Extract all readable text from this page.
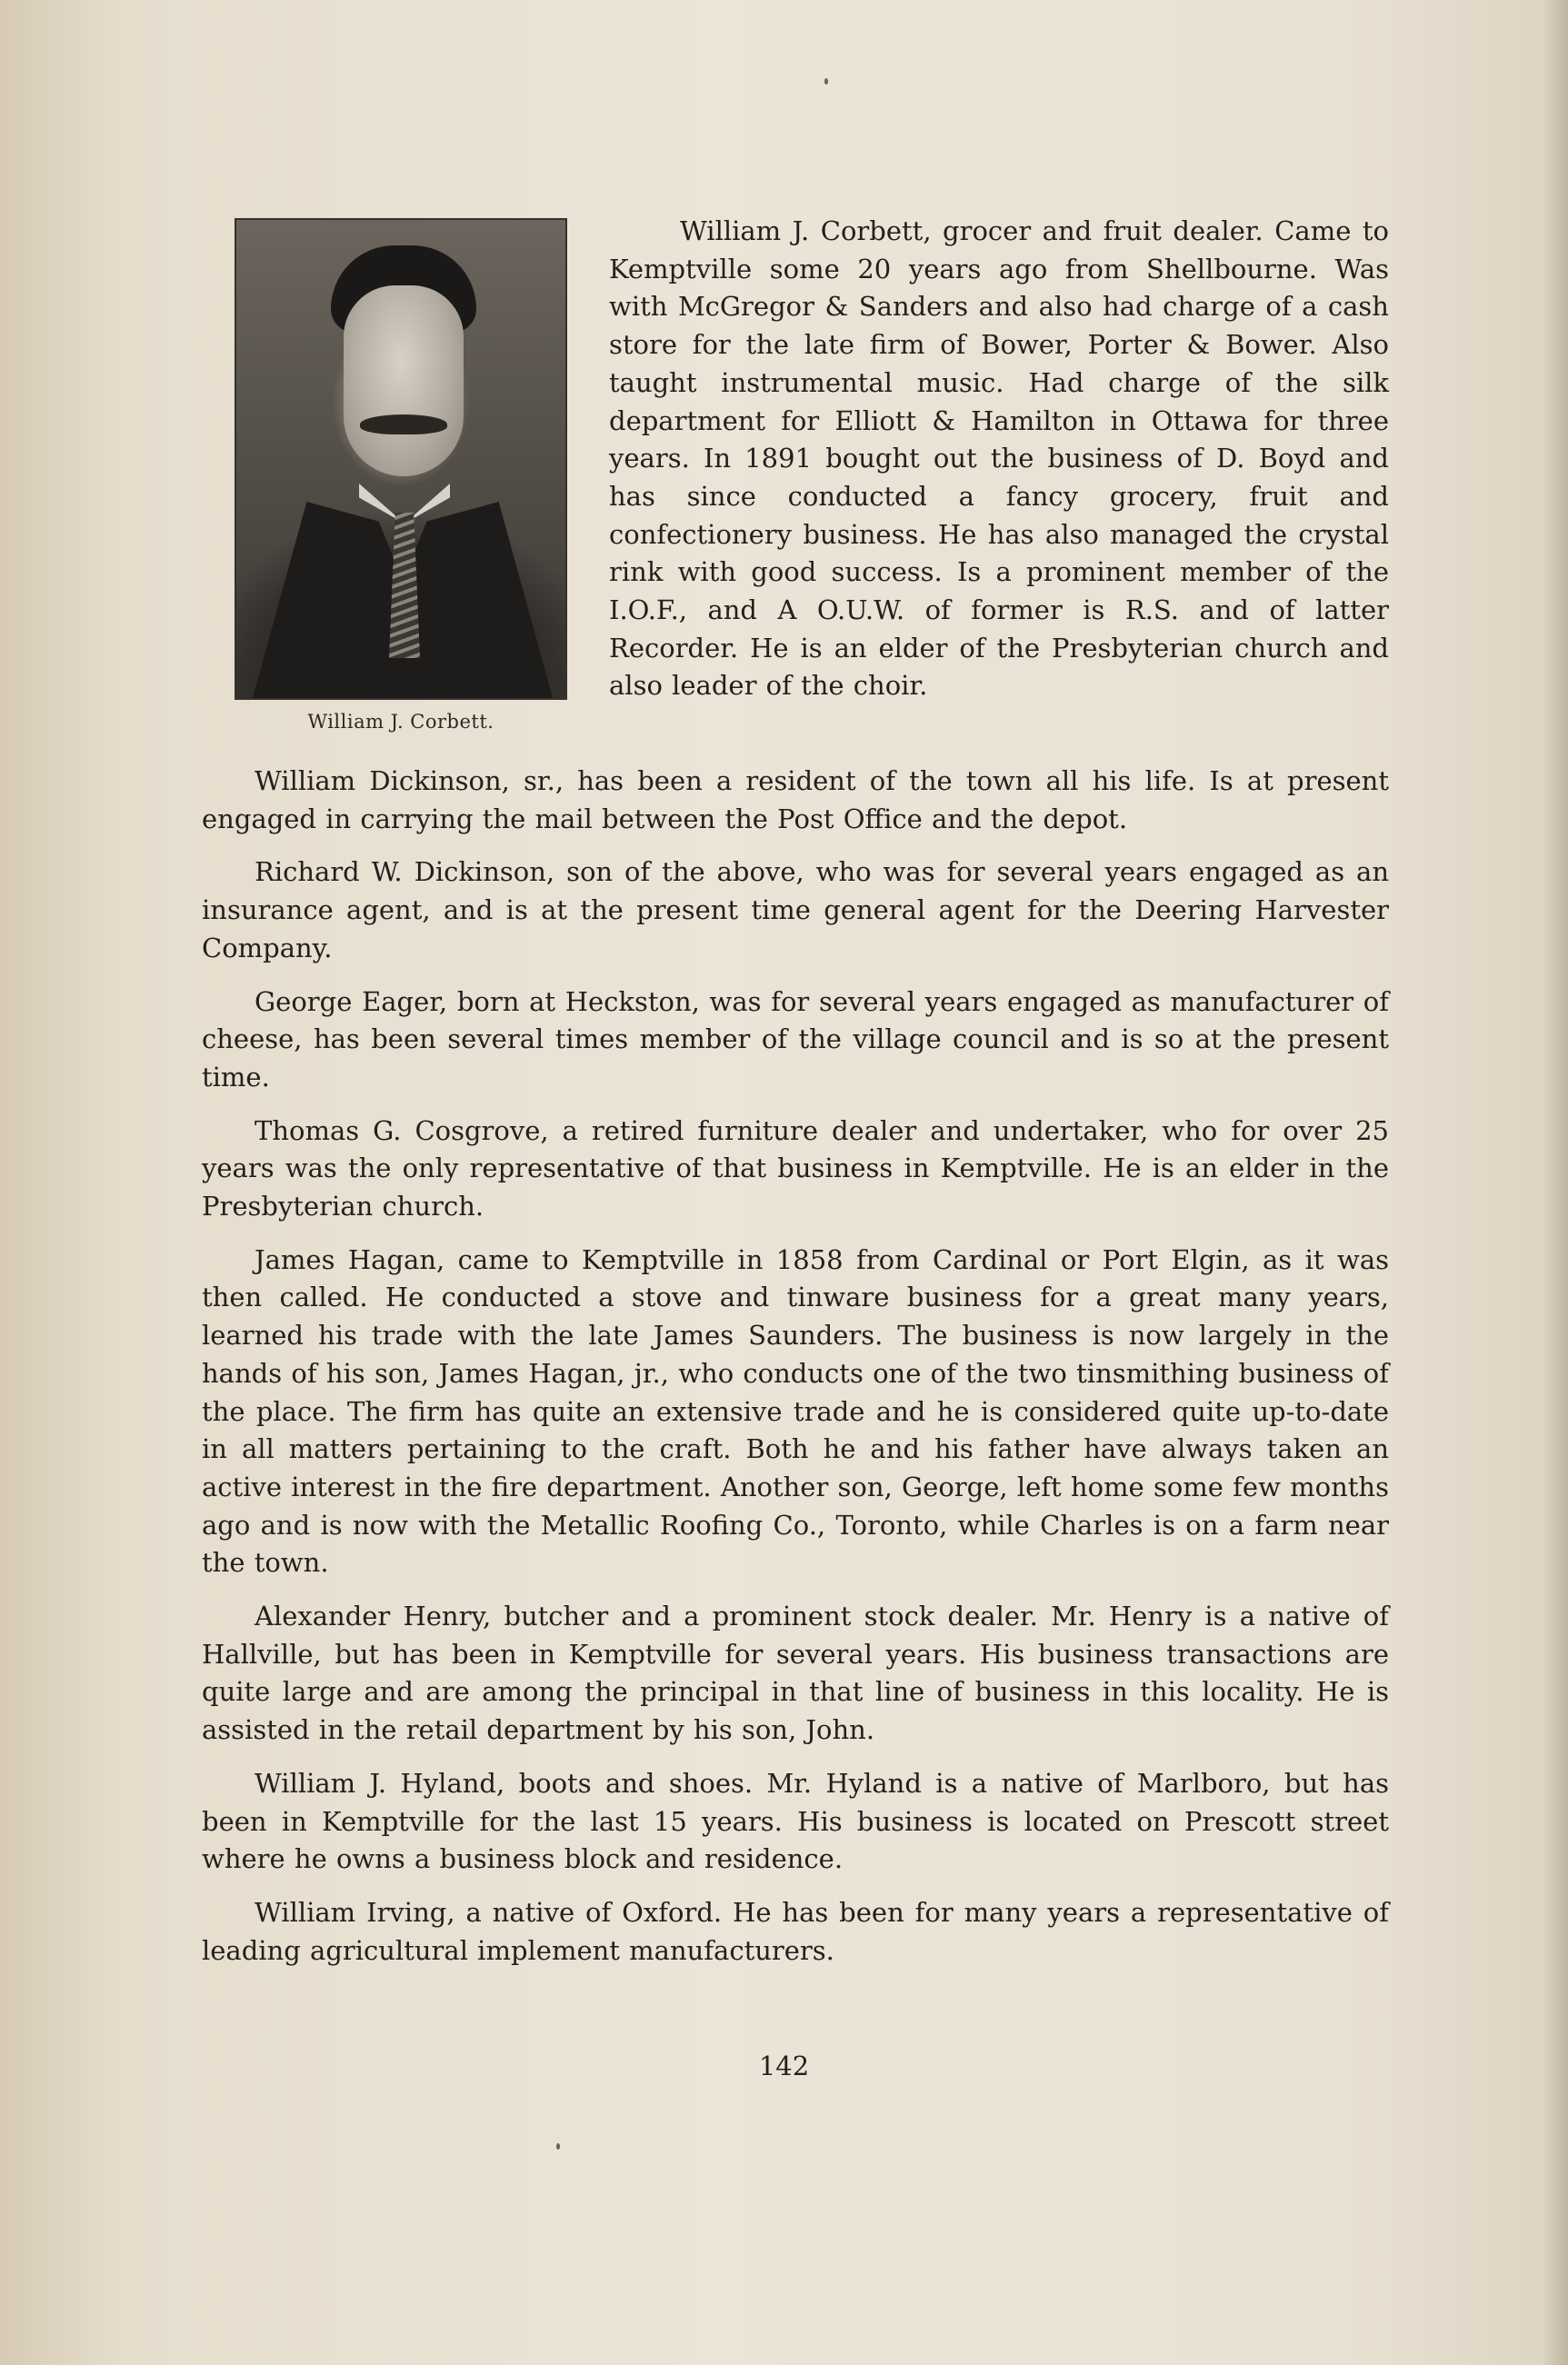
William J. Corbett.

William J. Corbett, grocer and fruit dealer. Came to Kemptville some 20 years ago from Shellbourne. Was with McGregor & Sanders and also had charge of a cash store for the late firm of Bower, Porter & Bower. Also taught instrumental music. Had charge of the silk department for Elliott & Hamilton in Ottawa for three years. In 1891 bought out the business of D. Boyd and has since conducted a fancy grocery, fruit and confectionery business. He has also managed the crystal rink with good success. Is a prominent member of the I.O.F., and A O.U.W. of former is R.S. and of latter Recorder. He is an elder of the Presbyterian church and also leader of the choir.

William Dickinson, sr., has been a resident of the town all his life. Is at present engaged in carrying the mail between the Post Office and the depot.

Richard W. Dickinson, son of the above, who was for several years engaged as an insurance agent, and is at the present time general agent for the Deering Harvester Company.

George Eager, born at Heckston, was for several years engaged as manufacturer of cheese, has been several times member of the village council and is so at the present time.

Thomas G. Cosgrove, a retired furniture dealer and undertaker, who for over 25 years was the only representative of that business in Kemptville. He is an elder in the Presbyterian church.

James Hagan, came to Kemptville in 1858 from Cardinal or Port Elgin, as it was then called. He conducted a stove and tinware business for a great many years, learned his trade with the late James Saunders. The business is now largely in the hands of his son, James Hagan, jr., who conducts one of the two tinsmithing business of the place. The firm has quite an extensive trade and he is considered quite up-to-date in all matters pertaining to the craft. Both he and his father have always taken an active interest in the fire department. Another son, George, left home some few months ago and is now with the Metallic Roofing Co., Toronto, while Charles is on a farm near the town.

Alexander Henry, butcher and a prominent stock dealer. Mr. Henry is a native of Hallville, but has been in Kemptville for several years. His business transactions are quite large and are among the principal in that line of business in this locality. He is assisted in the retail department by his son, John.

William J. Hyland, boots and shoes. Mr. Hyland is a native of Marlboro, but has been in Kemptville for the last 15 years. His business is located on Prescott street where he owns a business block and residence.

William Irving, a native of Oxford. He has been for many years a representative of leading agricultural implement manufacturers.

142
